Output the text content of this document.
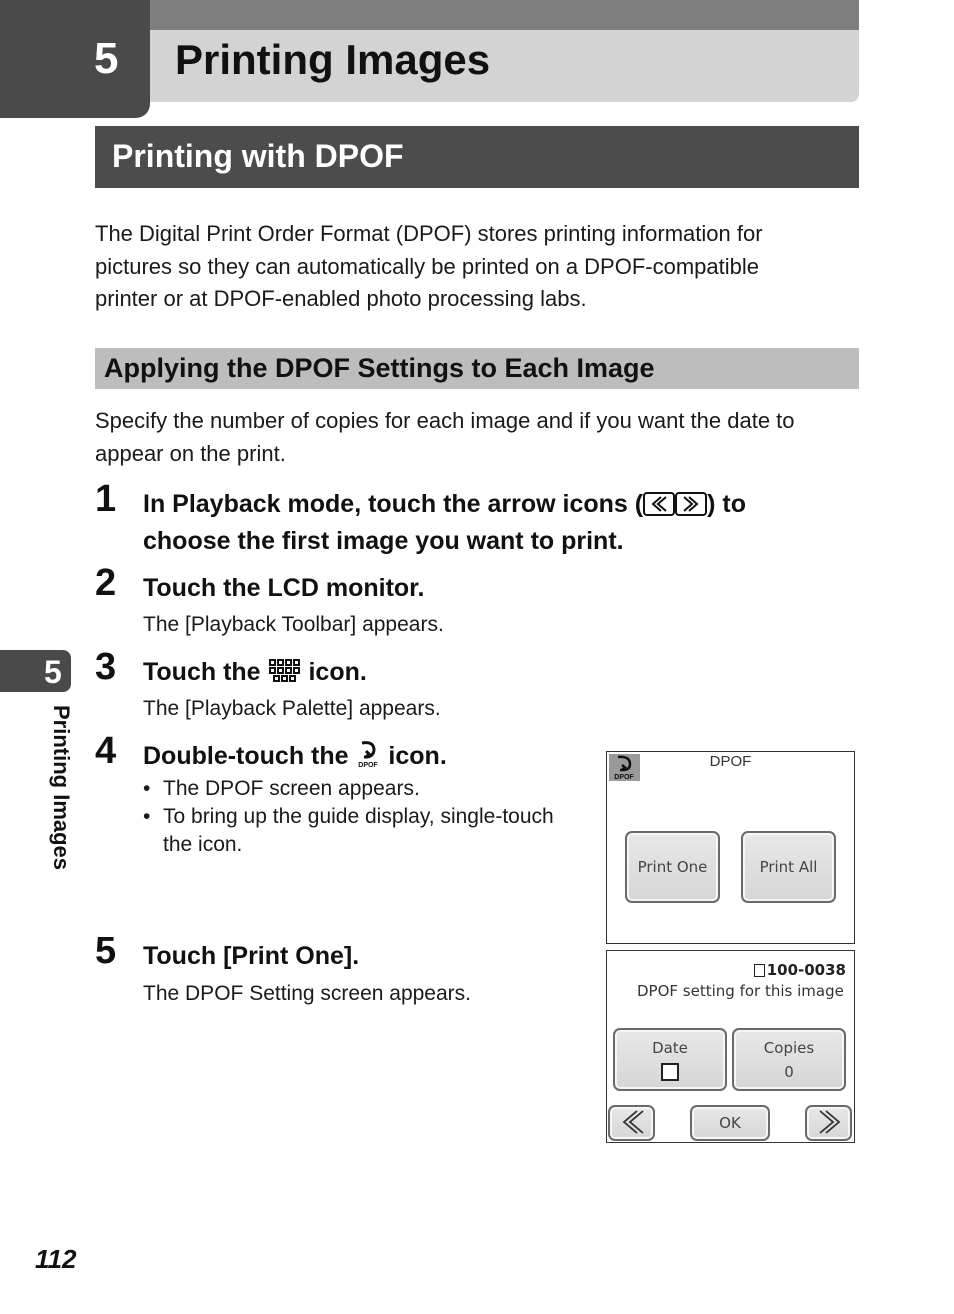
5	Printing Images
Printing with DPOF
The Digital Print Order Format (DPOF) stores printing information for
pictures so they can automatically be printed on a DPOF-compatible
printer or at DPOF-enabled photo processing labs.
Applying the DPOF Settings to Each Image
Specify the number of copies for each image and if you want the date to
appear on the print.
1 In Playback mode, touch the arrow icons (	) to
choose the first image you want to print.
2 Touch the LCD monitor.
The [Playback Toolbar] appears.
3 Touch the  icon.
The [Playback Palette] appears.
4 Double-touch the DPOF icon.
• The DPOF screen appears.
• To bring up the guide display, single-touch
the icon.
5 Touch [Print One].
The DPOF Setting screen appears.
5
Printing Images
112
DPOF
DPOF
Print One	Print All
100-0038
DPOF setting for this image
Date	Copies
0
OK
